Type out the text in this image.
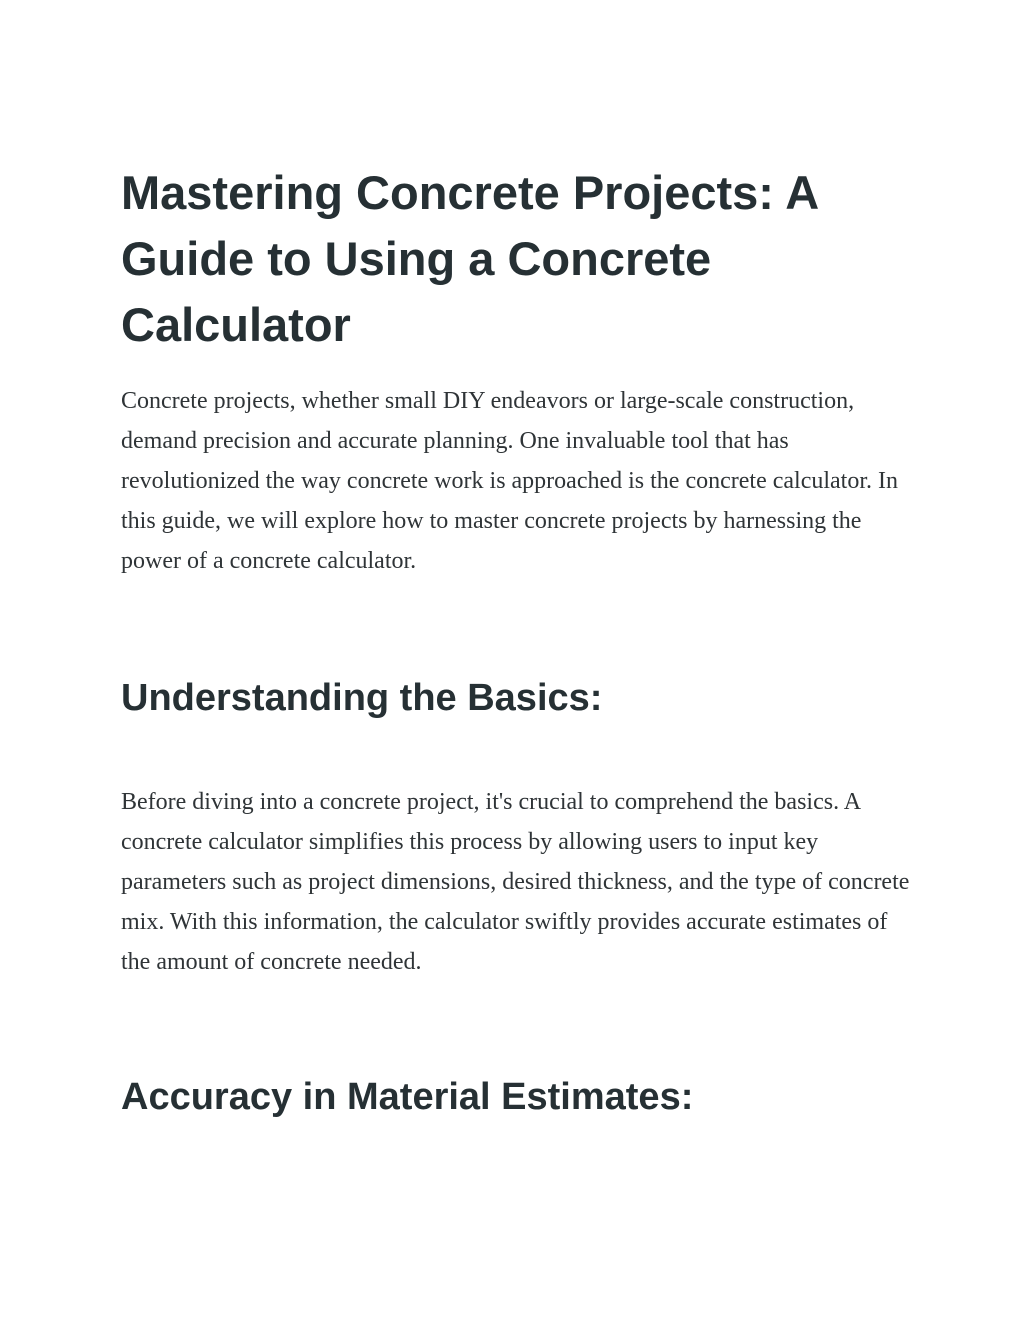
Mastering Concrete Projects: A Guide to Using a Concrete Calculator

Concrete projects, whether small DIY endeavors or large-scale construction, demand precision and accurate planning. One invaluable tool that has revolutionized the way concrete work is approached is the concrete calculator. In this guide, we will explore how to master concrete projects by harnessing the power of a concrete calculator.

Understanding the Basics:

Before diving into a concrete project, it's crucial to comprehend the basics. A concrete calculator simplifies this process by allowing users to input key parameters such as project dimensions, desired thickness, and the type of concrete mix. With this information, the calculator swiftly provides accurate estimates of the amount of concrete needed.

Accuracy in Material Estimates:
